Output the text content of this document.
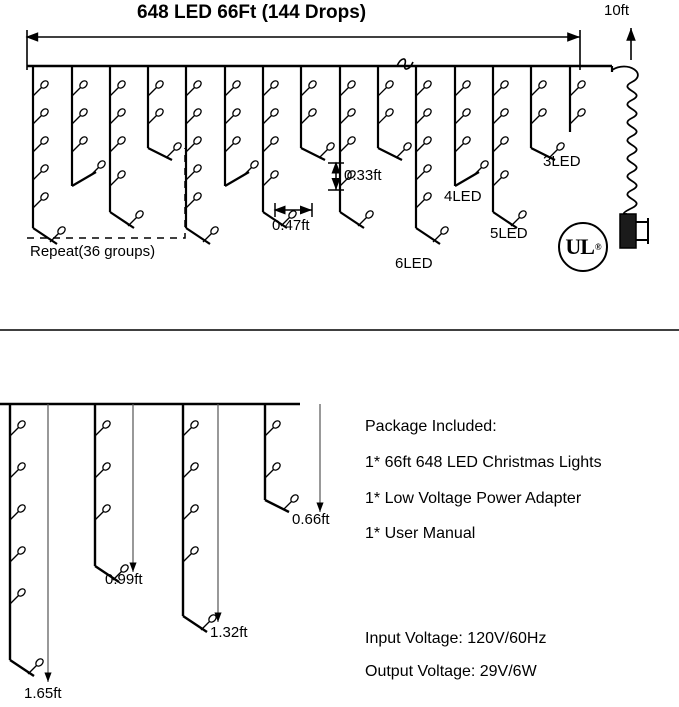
648 LED 66Ft (144 Drops)	10ft
3LED
4LED
5LED
6LED
0.33ft
0.47ft
Repeat(36 groups)	UL ®
0.66ft
0.99ft
1.32ft
1.65ft
Package Included:
1* 66ft 648 LED Christmas Lights
1* Low Voltage Power Adapter
1* User Manual
Input Voltage: 120V/60Hz
Output Voltage: 29V/6W
